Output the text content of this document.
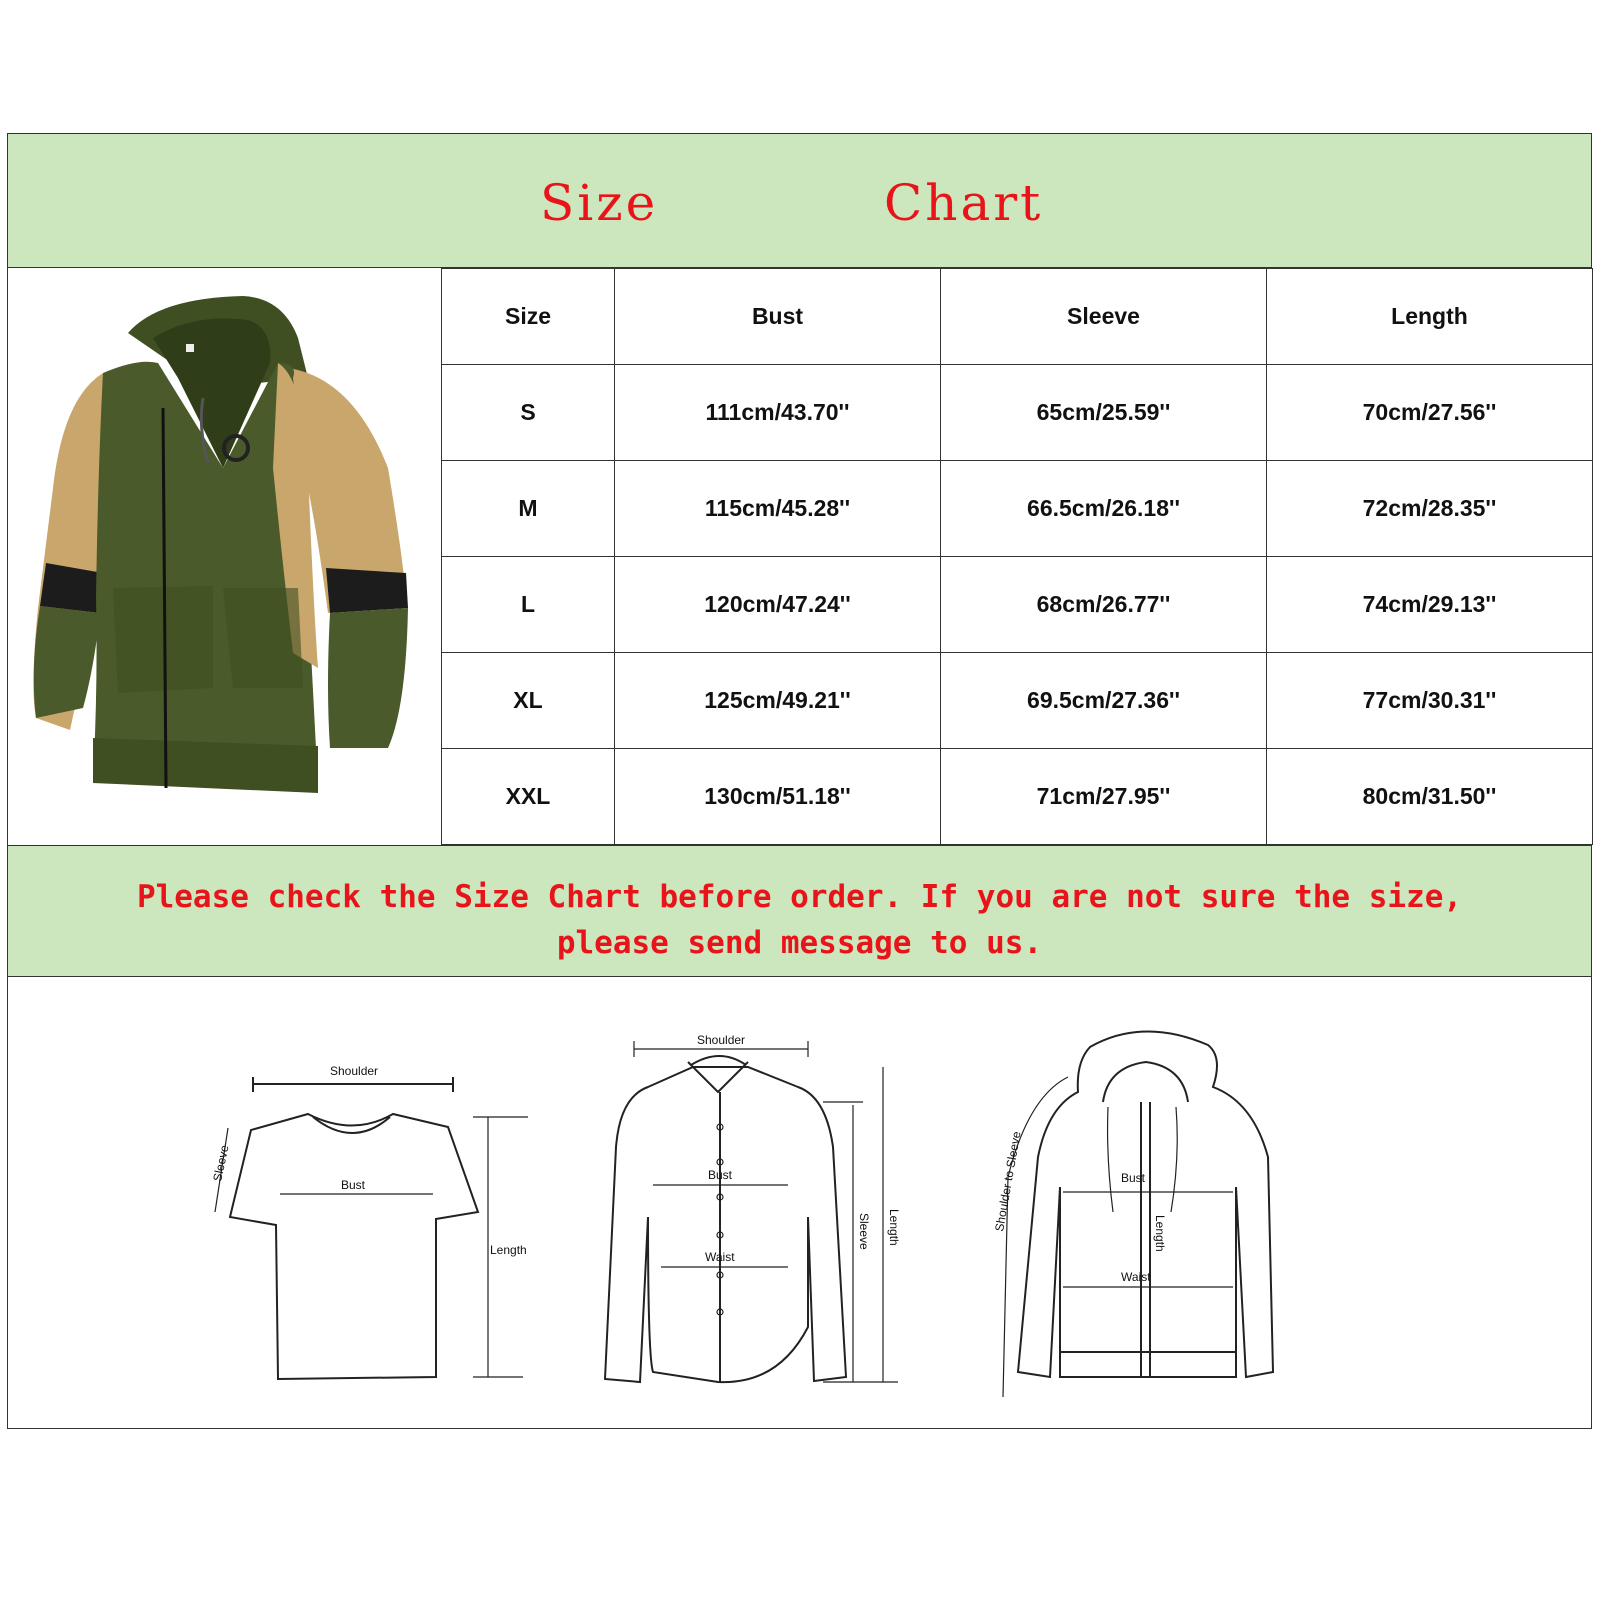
Size	Chart
Size	Bust	Sleeve	Length
S	111cm/43.70''	65cm/25.59''	70cm/27.56''
M	115cm/45.28''	66.5cm/26.18''	72cm/28.35''
L	120cm/47.24''	68cm/26.77''	74cm/29.13''
XL	125cm/49.21''	69.5cm/27.36''	77cm/30.31''
XXL	130cm/51.18''	71cm/27.95''	80cm/31.50''
Please check the Size Chart before order. If you are not sure the size,
please send message to us.
Shoulder
Sleeve
Bust
Length
Shoulder
Bust
Waist
Sleeve Length	Shoulder to Sleeve	Bust
Length
Waist
